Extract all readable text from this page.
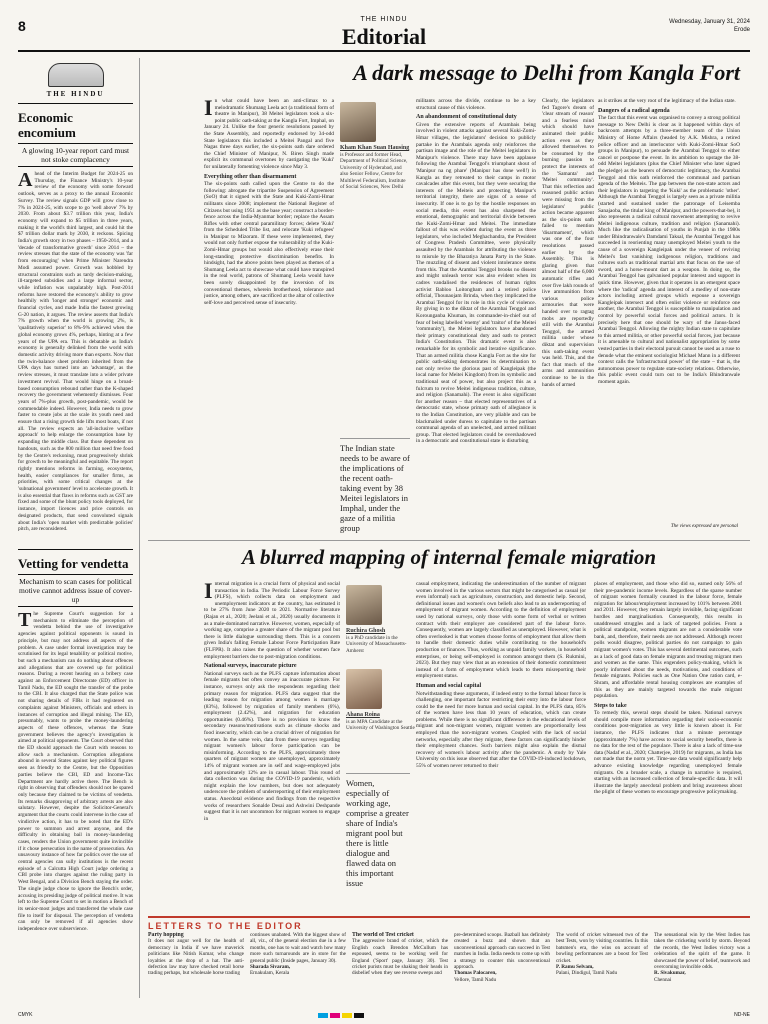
8	THE HINDU
Editorial
Wednesday, January 31, 2024
Erode
THE HINDU
Economic encomium
A glowing 10-year report card must not stoke complacency
Ahead of the Interim Budget for 2024-25 on Thursday, the Finance Ministry's 10-year review of the economy with some forward outlook, serves as a proxy to the annual Economic Survey. The review signals GDP will grow close to 7% in 2024-25, with scope to go 'well above' 7% by 2030. From about $3.7 trillion this year, India's economy will expand to $5 trillion in three years, making it the world's third largest, and could hit the $7 trillion dollar mark by 2030, it reckons. Spicing India's growth story in two phases – 1950-2014, and a 'decade of transformative growth' since 2014 – the review stresses that the state of the economy was 'far from encouraging' when Prime Minister Narendra Modi assumed power. Growth was hobbled by structural constraints such as tardy decision-making, ill-targeted subsidies and a large informal sector, while inflation was unpalatably high. Post-2014 reforms have restored the economy's ability to grow healthily with 'longer and stronger' economic and financial cycles, and made India the fastest growing G-20 nation, it argues. The review asserts that India's 7% growth when the world is growing 2%, is 'qualitatively superior' to 8%-9% achieved when the global economy grows 4%, perhaps, hinting at a few years of the UPA era. This is debatable as India's economy is generally delinked from the world with domestic activity driving more than exports. Now that the twin-balance sheet problem inherited from the UPA days has turned into an 'advantage', as the review stresses, it must translate into a wider private investment revival. That would hinge on a broad-based consumption rebound rather than the K-shaped recovery the government vehemently dismisses. Four years of 7%-plus growth, post-pandemic, would be commendable indeed. However, India needs to grow faster to create jobs at the scale its youth need and ensure that a rising growth tide lifts most boats, if not all. The review expects an 'all-inclusive welfare approach' to help enlarge the consumption base by expanding the middle class. But those dependent on handouts, such as the 800 million that need free food by the Centre's reckoning, must progressively shrink for growth to be meaningful and equitable. The report rightly mentions reforms in farming, ecosystems, health, easier compliances for smaller firms, as priorities, with some critical changes at the 'subnational government' level to accelerate growth. It is also essential that flaws in reforms such as GST are fixed and some of the blunt policy tools deployed, for instance, import licences and price controls on designated products, that send convoluted signals about India's 'open market with predictable policies' pitch, are reconsidered.
Vetting for vendetta
Mechanism to scan cases for political motive cannot address issue of cover-up
The Supreme Court's suggestion for a mechanism to eliminate the perception of vendetta behind the use of investigative agencies against political opponents is sound in principle, but may not address all aspects of the problem. A case under formal investigation may be scrutinised for its legal tenability or political motive, but such a mechanism can do nothing about offences and allegations that are covered up for political reasons. During a recent hearing on a bribery case against an Enforcement Directorate (ED) officer in Tamil Nadu, the ED sought the transfer of the probe to the CBI. It also charged that the State police was not sharing details of FIRs it had registered on complaints against Ministers, officials and others in instances of corruption and illegal mining. The ED, presumably, wants to probe the money-laundering aspects of these offences, whereas the State government believes the agency's investigation is aimed at political opponents. The Court observed that the ED should approach the Court with reasons to allow such a mechanism. Corruption allegations abound in several States against key political figures seen as friendly to the Centre, but the Opposition parties believe the CBI, ED and Income-Tax Department are hardly active there. The Bench is right in observing that offenders should not be spared only because they claimed to be victims of vendetta. Its remarks disapproving of arbitrary arrests are also salutary. However, despite the Solicitor-General's argument that the courts could intervene in the case of vindictive action, it has to be noted that the ED's power to summon and arrest anyone, and the difficulty in obtaining bail in money-laundering cases, renders the Union government quite invincible if it chose persecution in the name of prosecution. An unsavoury instance of how far politics over the use of central agencies can sully institutions is the recent episode of a Calcutta High Court judge ordering a CBI probe into charges against the ruling party in West Bengal, and a Division Bench staying the order. The single judge chose to ignore the Bench's order, accusing its presiding judge of political motive. It was left to the Supreme Court to set in motion a Bench of its senior-most judges and transferred the whole case file to itself for disposal. The perception of vendetta can only be removed if all agencies show independence over subservience.
A dark message to Delhi from Kangla Fort
In what could have been an anti-climax to a melodramatic Shumang Leela act (a traditional form of theatre in Manipur), 38 Meitei legislators took a six-point public oath-taking at the Kangla Fort, Imphal, on January 24. Unlike the four generic resolutions passed by the State Assembly, and reportedly endorsed by 34-odd State legislators this included a Meitei Pangal and five Nagas three days earlier, the six-points oath dare ordered the Chief Minister of Manipur, N. Biren Singh made explicit its communal overtones by castigating the 'Kuki' for unilaterally fomenting violence since May 3.
Everything other than disarmament
The six-points oath called upon the Centre to do the following: abrogate the tripartite Suspension of Agreement (SoO) that it signed with the State and Kuki-Zomi-Hmar militants since 2008; implement the National Register of Citizens but using 1951 as the base year; construct a border-fence across the India-Myanmar border; replace the Assam Rifles with other central paramilitary forces; delete 'Kuki' from the Scheduled Tribe list, and relocate 'Kuki refugees' in Manipur to Mizoram. If these were implemented, they would not only further expose the vulnerability of the Kuki-Zomi-Hmar groups but would also effectively erase their long-standing protective discrimination benefits. In hindsight, had the above points been played as themes of a Shumang Leela act to showcase what could have transpired in the real world, patrons of Shumang Leela would have been sorely disappointed by the inversion of its conventional themes, wherein brotherhood, tolerance and justice, among others, are sacrificed at the altar of collective self-love and perceived sense of insecurity.
Kham Khan Suan Hausing
is Professor and former Head, Department of Political Science, University of Hyderabad, and also Senior Fellow, Centre for Multilevel Federalism, Institute of Social Sciences, New Delhi
The Indian state needs to be aware of the implications of the recent oath-taking event by 38 Meitei legislators in Imphal, under the gaze of a militia group
militants across the divide, continue to be a key structural cause of this violence.
An abandonment of constitutional duty
Given the extensive reports of Arambais being involved in violent attacks against several Kuki-Zomi-Hmar villages, the legislators' decision to publicly partake in the Arambais agenda only reinforces the partisan image and the role of the Meitei legislators in Manipur's violence. There may have been applause following the Arambai Tenggol's triumphant shout of 'Manipur na ng phare' (Manipur has done well!) in Kangla as they retreated to their camps in motor cavalcades after this event, but they were securing the interests of the Meiteis and protecting Manipur's territorial integrity, there are signs of a sense of insecurity. If one is to go by the hostile responses on social media, this event has also sharpened the emotional, demographic and territorial divide between the Kuki-Zomi-Hmar and Meitei. The immediate fallout of this was evident during the event as three legislators, who included Meghachandra, the President of Congress Pradesh Committee, were physically assaulted by the Arambais for attributing the violence to misrule by the Bharatiya Janata Party in the State. The muzzling of dissent and violent intolerance stems from this. That the Arambai Tenggol brooks no dissent and might unleash terror was also evident when its cadres vandalised the residences of human rights activist Babloo Loitongbam and a retired police official, Thounaojam Brinda, when they implicated the Arambai Tenggol for its role in this cycle of violence. By giving in to the diktat of the Arambai Tenggol and Korounganba Khuman, its commander-in-chief out of fear of being labelled 'enemy' and 'traitor' of the Meitei 'community'), the Meitei legislators have abandoned their primary constitutional duty and oath to protect India's Constitution. This dramatic event is also remarkable for its symbolic and iterative significance. That an armed militia chose Kangla Fort as the site for public oath-taking demonstrates its determination to not only revive the glorious past of Kangleipak (the local name for Meitei Kingdom) from its symbolic and traditional seat of power, but also project this as a fulcrum to revive Meitei indigenous tradition, culture, and religion (Sanamahi). The event is also significant for another reason – that elected representatives of a democratic state, whose primary oath of allegiance is to the Indian Constitution, are very pliable and can be blackmailed under duress to capitulate to the partisan communal agenda of an unelected, and armed militant group. That elected legislators could be overshadowed in a democratic and constitutional state is disturbing
as it strikes at the very root of the legitimacy of the Indian state.
Dangers of a radical agenda
The fact that this event was organised to convey a strong political message to New Delhi is clear as it happened within days of backroom attempts by a three-member team of the Union Ministry of Home Affairs (headed by A.K. Mishra, a retired police officer and an interlocutor with Kuki-Zomi-Hmar SoO groups in Manipur), to persuade the Arambai Tenggol to either cancel or postpone the event. In its ambition to upstage the 38-odd Meitei legislators (plus the Chief Minister who later signed the pledge) as the bearers of democratic legitimacy, the Arambai Tenggol and this oath reinforced the communal and partisan agenda of the Meiteis. The gap between the non-state actors and their legislators in targeting the 'Kuki' as the problematic 'other'. Although the Arambai Tenggol is largely seen as a private militia (started and sustained under the patronage of Leisemba Sanajaoba, the titular king of Manipur, and the powers-that-be), it also represents a radical cultural movement attempting to revive Meitei indigenous culture, tradition and religion (Sanamahi). Much like the radicalisation of youths in Punjab in the 1980s under Bhindranwale's Damdami Taksal, the Arambai Tenggol has succeeded in reorienting many unemployed Meitei youth to the cause of a sovereign Kangleipak under the veneer of reviving Meitei's fast vanishing indigenous religion, traditions and cultures such as traditional martial arts that focus on the use of sword, and a horse-mount dart as a weapon. In doing so, the Arambai Tenggol has galvanised popular interest and support in quick time. However, given that it operates in an emergent space where the 'radical' agenda and interest of a medley of non-state actors including armed groups which espouse a sovereign Kangleipak intersect and often enlist violence or reinforce one another, the Arambai Tenggol is susceptible to manipulation and control by powerful social forces and political actors. It is precisely here that one should be wary of the Janus-faced Arambai Tenggol. Allowing the mighty Indian state to capitulate to this armed militia, or other powerful social forces, just because it is amenable to cultural and nationalist appropriation by some vested parties in their electoral pursuit cannot be used as a ruse to denude what the eminent sociologist Michael Mann in a different context calls the 'infrastructural power' of the state – that is, the autonomous power to regulate state-society relations. Otherwise, this public event could turn out to be India's Bhindranwale moment again.
Clearly, the legislators fed Tagore's dream of 'clear stream of reason' and a fearless mind which should have animated their public action even as they allowed themselves to be consumed by the burning passion to protect the interests of the 'Samanta' and 'Meitei community'. That this reflection and reasoned public action were missing from the legislators' public action became apparent as the six-points oath failed to mention 'disarmament', which was one of the four resolutions passed earlier by the Assembly. This is glaring given that almost half of the 6,000 automatic rifles and over five lakh rounds of live ammunition from various police armouries that were handed over to ragtag mobs are reportedly still with the Arambai Tenggol, the armed militia under whose diktat and supervision this oath-taking event was held. This, and the fact that much of the arms and ammunition continue to be in the hands of armed
The views expressed are personal
A blurred mapping of internal female migration
Internal migration is a crucial form of physical and social transaction in India. The Periodic Labour Force Survey (PLFS), which collects data on employment and unemployment indicators at the country, has estimated it to be 27% from June 2020 to 2021. Normative literature (Rajan et al., 2020; Jeelani et al., 2020) usually documents it as a male-dominated narrative. However, women, especially of working age, comprise a greater share of the migrant pool but there is little dialogue surrounding them. This is a concern given India's falling Female Labour Force Participation Rate (FLFPR). It also raises the question of whether women face employment barriers due to post-migration conditions.
National surveys, inaccurate picture
National surveys such as the PLFS capture information about female migrants but often convey an inaccurate picture. For instance, surveys only ask the respondents regarding their primary reason for migration. PLFS data suggest that the leading reason for migration among women is marriage (83%), followed by migration of family members (6%), employment (2.42%), and migration for education opportunities (0.46%). There is no provision to know the secondary reasons/motivations such as climate shocks and food insecurity, which can be a crucial driver of migration for women. In the same vein, data from these surveys regarding migrant women's labour force participation can be misinforming. According to the PLFS, approximately three quarters of migrant women are unemployed, approximately 14% of migrant women are in self and wage-employed jobs and approximately 12% are in casual labour. This round of data collection was during the COVID-19 pandemic, which might explain the low numbers, but does not adequately underscore the problem of underreporting of their employment status. Anecdotal evidence and findings from the respective works of researchers Sonalde Desai and Ashwini Deshpande suggest that it is not uncommon for migrant women to engage in
Ruchira Ghosh
is a PhD candidate in the University of Massachusetts-Amherst
Ahana Roina
is an MPA Candidate at the University of Washington Seattle
Women, especially of working age, comprise a greater share of India's migrant pool but there is little dialogue and flawed data on this important issue
casual employment, indicating the underestimation of the number of migrant women involved in the various sectors that might be categorised as casual (or even informal) such as agriculture, construction, and domestic help. Second, definitional issues and women's own beliefs also lead to an underreporting of employment of migrant women. According to the definition of employment used by national surveys, only those with some form of verbal or written contract with their employer are considered part of the labour force. Consequently, women are largely classified as unemployed. However, what is often overlooked is that women choose forms of employment that allow them to handle their domestic duties while contributing to the household's production or finances. Thus, working as unpaid family workers, in household enterprises, or being self-employed is common amongst them (S. Rukmini, 2023). But they may view that as an extension of their domestic commitment instead of a form of employment which leads to them misreporting their employment status.
Human and social capital
Notwithstanding these arguments, if indeed entry to the formal labour force is challenging, one important factor restricting their entry into the labour force could be the need for more human and social capital. In the PLFS data, 85% of the women have less than 10 years of education, which can create problems. While there is no significant difference in the educational levels of migrant and non-migrant women, migrant women are proportionally less employed than the non-migrant women. Coupled with the lack of social networks, especially after they migrate, these factors can significantly hinder their employment chances. Such barriers might also explain the dismal recovery of women's labour activity after the pandemic. A study by Yale University on this issue observed that after the COVID-19-induced lockdown, 55% of women never returned to their
places of employment, and those who did so, earned only 56% of their pre-pandemic income levels. Regardless of the sparse number of migrant women formally counted in the labour force, female migration for labour/employment increased by 101% between 2001 and 2011. However, they remain largely invisible, facing significant hurdles and marginalisation. Consequently, this results in unaddressed struggles and a lack of targeted policies. From a political standpoint, women migrants are not a considerable vote bank, and, therefore, their needs are not addressed. Although recent polls would disagree, political parties do not campaign to gain migrant women's votes. This has several detrimental outcomes, such as a lack of good data on female migrants and treating migrant men and women as the same. This engenders policy-making, which is poorly informed about the needs, motivations, and conditions of female migrants. Policies such as One Nation One ration card, e-Shram, and affordable rental housing complexes are examples of this as they are mainly targeted towards the male migrant population.
Steps to take
To remedy this, several steps should be taken. National surveys should compile more information regarding their socio-economic conditions post-migration as very little is known about it. For instance, the PLFS indicates that a minute percentage (approximately 7%) have access to social security benefits, there is no data for the rest of the populace. There is also a lack of time-use data (Nadaf et al., 2020; Chatterjee, 2019) for migrants, as India has not made that the norm yet. Time-use data would significantly help advance existing knowledge regarding unemployed female migrants. On a broader scale, a change in narrative is required, starting with an increased collection of female-specific data. It will illustrate the largely anecdotal problem and bring awareness about the plight of these women to encourage progressive policymaking.
LETTERS TO THE EDITOR
Party hopping
It does not augur well for the health of democracy in India if we have maverick politicians like Nitish Kumar, who change loyalties at the drop of a hat. The anti-defection law may have checked retail horse trading perhaps, but wholesale horse trading
continues unabated. With the biggest show of all, viz., of the general election due in a few months, one has to wait and watch how many more such turnarounds are in store for the general public (Inside pages, January 30).
Sharada Sivaram,
Ernakulam, Kerala
The world of Test cricket
The aggressive brand of cricket, which the English coach Brendon McCullum has espoused, seems to be working well for England ('Sport' page, January 30). Test cricket purists must be shaking their heads in disbelief when they see reverse sweeps and
pre-determined scoops. Bazball has definitely created a buzz and shown that an unconventional approach can succeed in Test matches in India. India needs to come up with a strategy to counter this unconventional approach.
Thomas Palocaren,
Vellore, Tamil Nadu
The world of cricket witnessed two of the best Tests, won by visiting countries. In this batsmen's era, the wins on account of bowling performances are a boost for Test cricket.
P. Ramu Selvam,
Palani, Dindigul, Tamil Nadu
The sensational win by the West Indies has taken the cricketing world by storm. Beyond the records, the West Indies victory was a celebration of the spirit of the game. It showcased the power of belief, teamwork and overcoming invincible odds.
R. Sivakumar,
Chennai
CMYK	ND-NE
